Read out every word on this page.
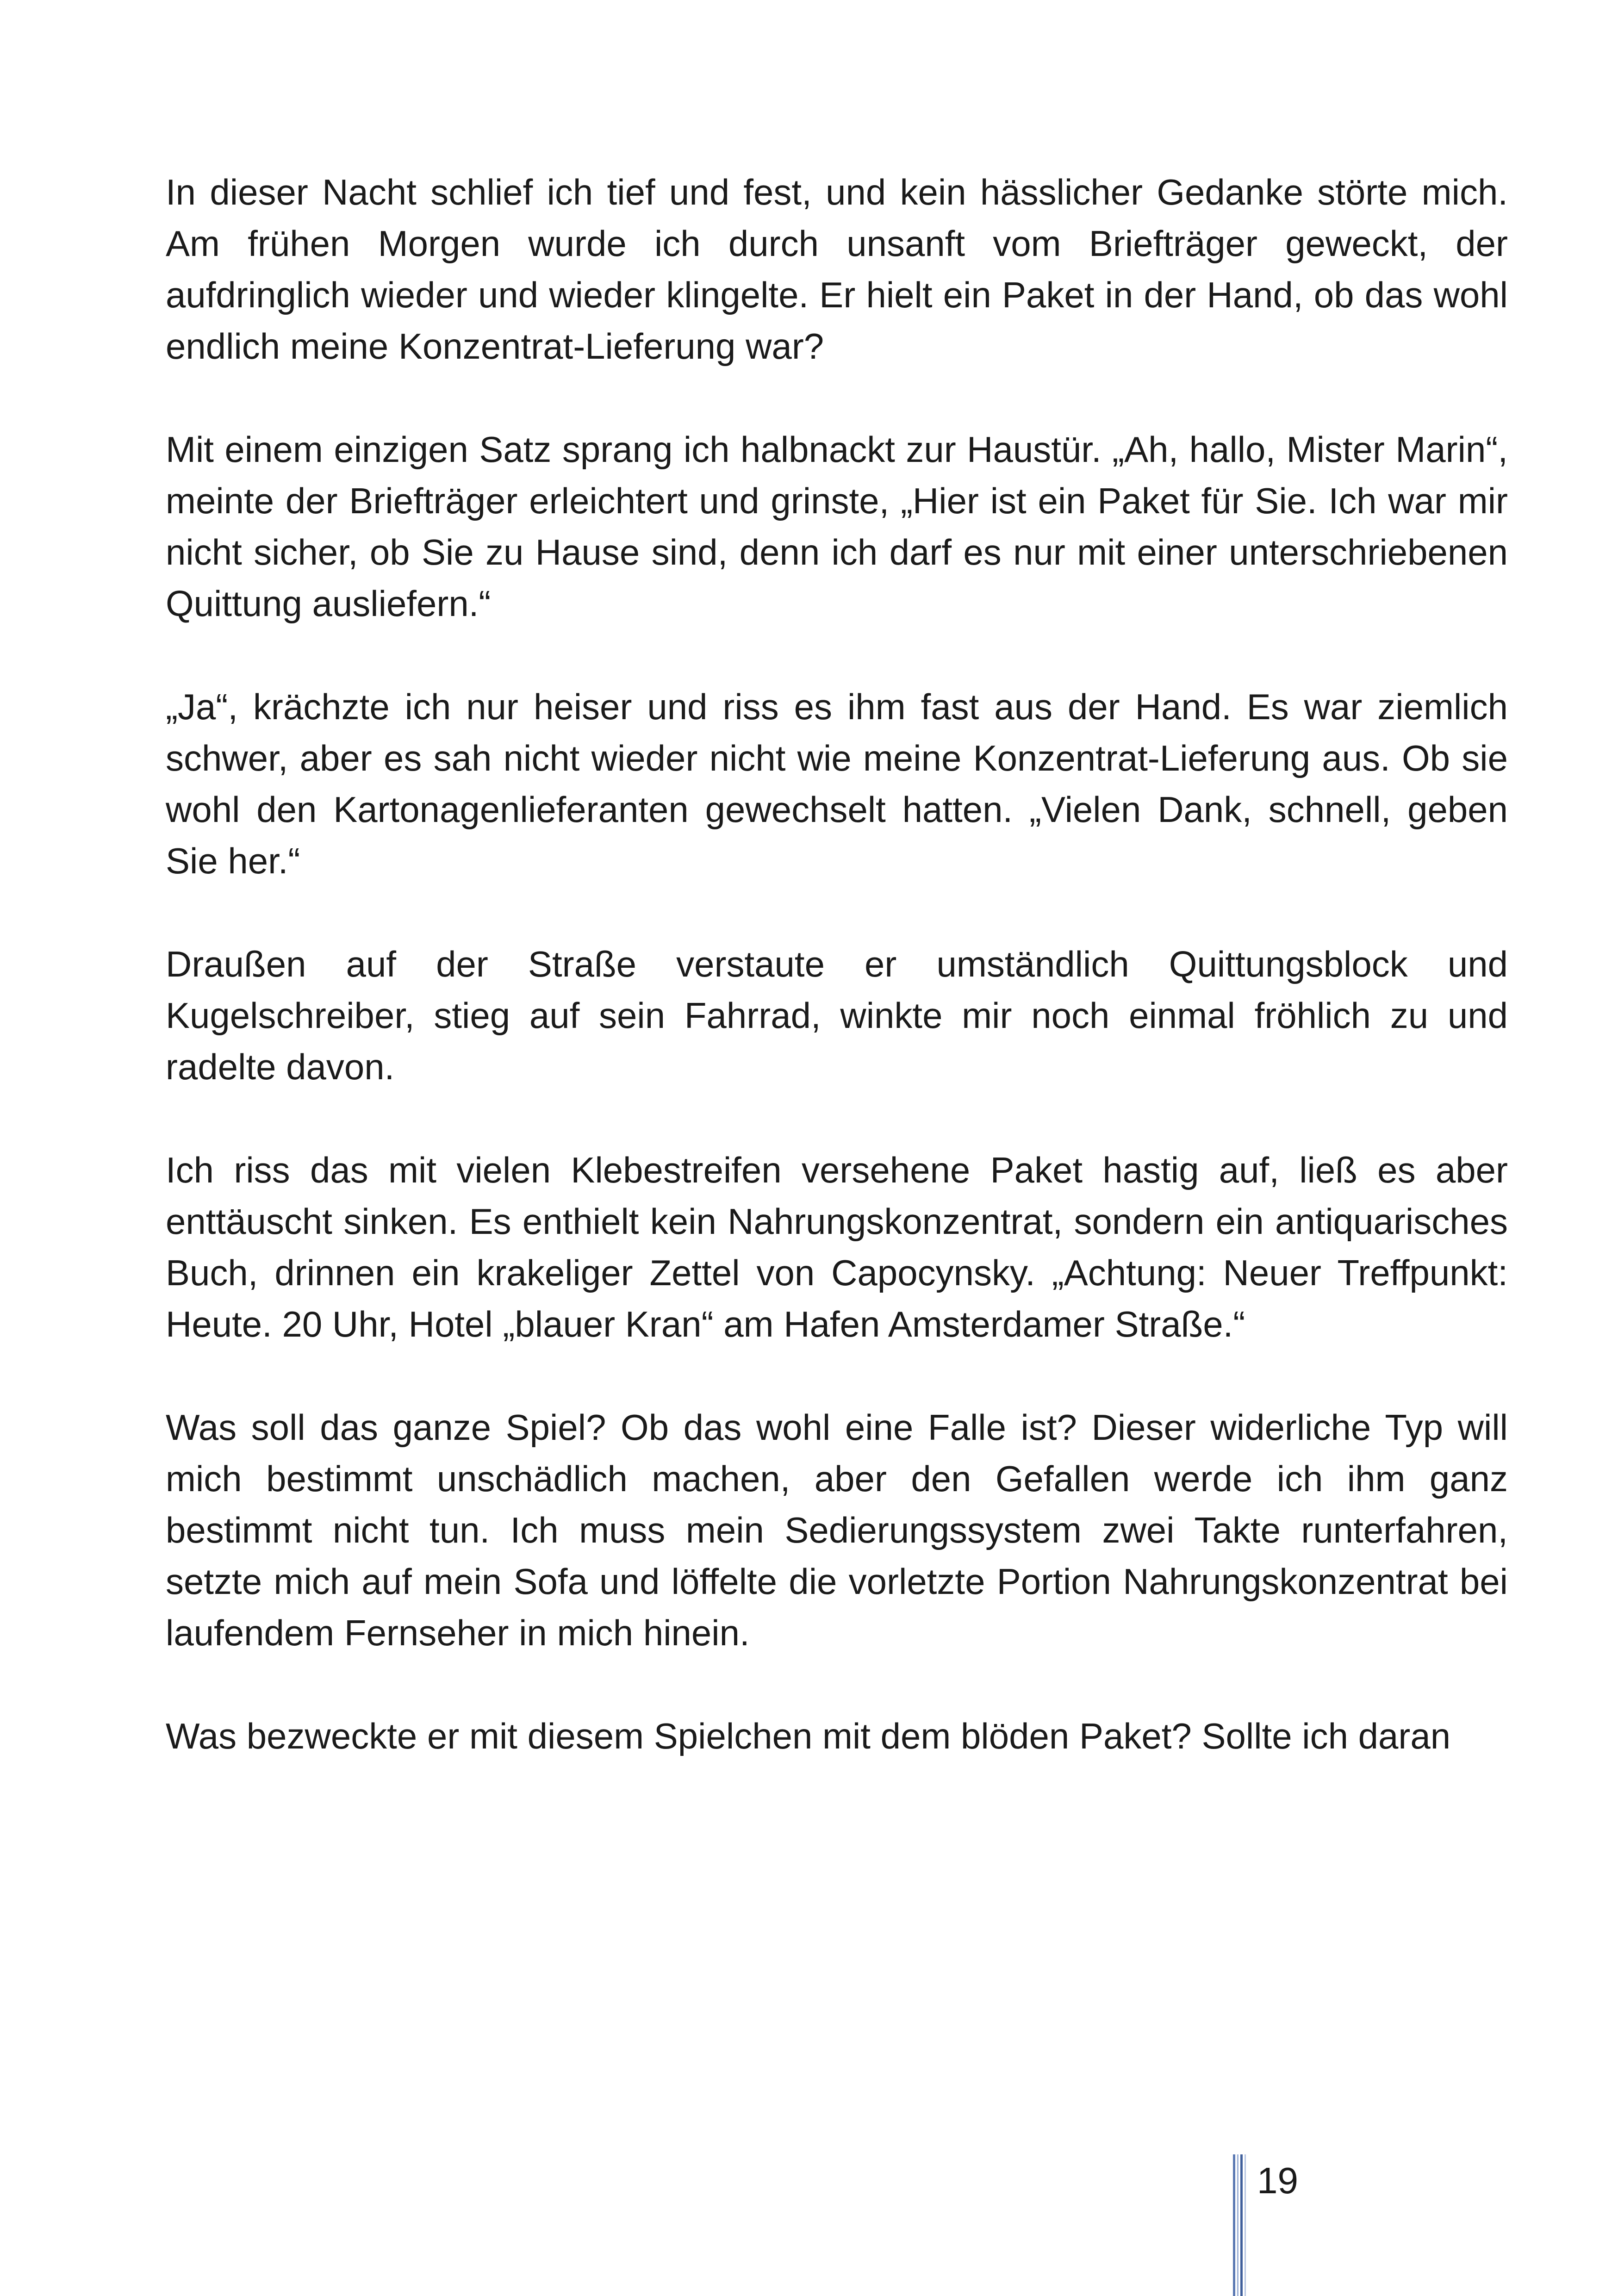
In dieser Nacht schlief ich tief und fest, und kein hässlicher Gedanke störte mich. Am frühen Morgen wurde ich durch unsanft vom Briefträger geweckt, der aufdringlich wieder und wieder klingelte. Er hielt ein Paket in der Hand, ob das wohl endlich meine Konzentrat-Lieferung war?

Mit einem einzigen Satz sprang ich halbnackt zur Haustür. „Ah, hallo, Mister Marin“, meinte der Briefträger erleichtert und grinste, „Hier ist ein Paket für Sie. Ich war mir nicht sicher, ob Sie zu Hause sind, denn ich darf es nur mit einer unterschriebenen Quittung ausliefern.“

„Ja“, krächzte ich nur heiser und riss es ihm fast aus der Hand. Es war ziemlich schwer, aber es sah nicht wieder nicht wie meine Konzentrat-Lieferung aus. Ob sie wohl den Kartonagenlieferanten gewechselt hatten. „Vielen Dank, schnell, geben Sie her.“

Draußen auf der Straße verstaute er umständlich Quittungsblock und Kugelschreiber, stieg auf sein Fahrrad, winkte mir noch einmal fröhlich zu und radelte davon.

Ich riss das mit vielen Klebestreifen versehene Paket hastig auf, ließ es aber enttäuscht sinken. Es enthielt kein Nahrungskonzentrat, sondern ein antiquarisches Buch, drinnen ein krakeliger Zettel von Capocynsky. „Achtung: Neuer Treffpunkt: Heute. 20 Uhr, Hotel „blauer Kran“ am Hafen Amsterdamer Straße.“

Was soll das ganze Spiel? Ob das wohl eine Falle ist? Dieser widerliche Typ will mich bestimmt unschädlich machen, aber den Gefallen werde ich ihm ganz bestimmt nicht tun. Ich muss mein Sedierungssystem zwei Takte runterfahren, setzte mich auf mein Sofa und löffelte die vorletzte Portion Nahrungskonzentrat bei laufendem Fernseher in mich hinein.

Was bezweckte er mit diesem Spielchen mit dem blöden Paket? Sollte ich daran

19
